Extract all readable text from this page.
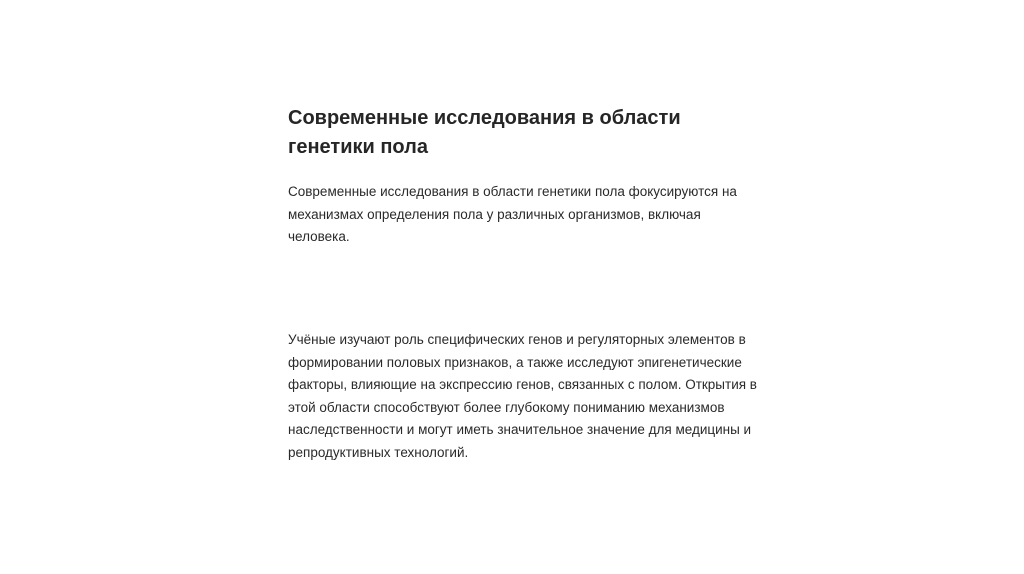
Современные исследования в области генетики пола

Современные исследования в области генетики пола фокусируются на механизмах определения пола у различных организмов, включая человека.

Учёные изучают роль специфических генов и регуляторных элементов в формировании половых признаков, а также исследуют эпигенетические факторы, влияющие на экспрессию генов, связанных с полом. Открытия в этой области способствуют более глубокому пониманию механизмов наследственности и могут иметь значительное значение для медицины и репродуктивных технологий.
